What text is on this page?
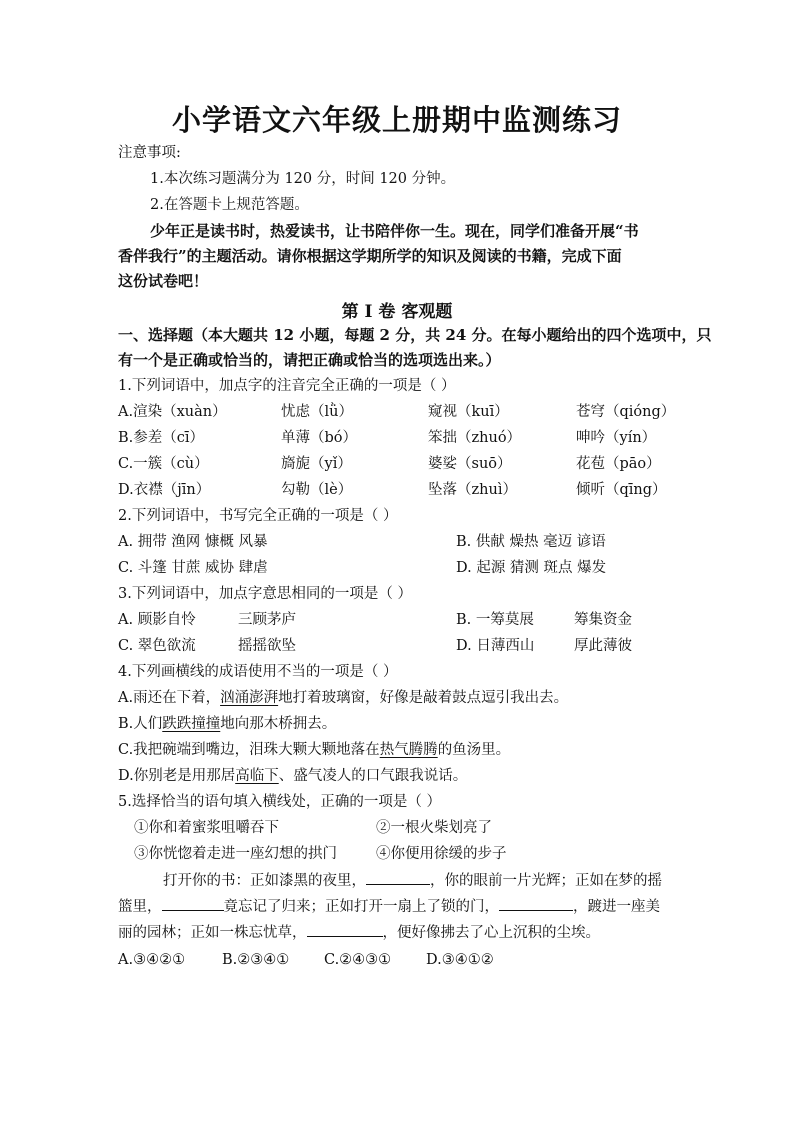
小学语文六年级上册期中监测练习
注意事项:
1.本次练习题满分为 120 分，时间 120 分钟。
2.在答题卡上规范答题。
少年正是读书时，热爱读书，让书陪伴你一生。现在，同学们准备开展“书
香伴我行”的主题活动。请你根据这学期所学的知识及阅读的书籍，完成下面
这份试卷吧！
第 I 卷 客观题
一、选择题（本大题共 12 小题，每题 2 分，共 24 分。在每小题给出的四个选项中，只
有一个是正确或恰当的，请把正确或恰当的选项选出来。）
1.下列词语中，加点字的注音完全正确的一项是（ ）
A.渲染（xuàn）	忧虑（lǜ）	窥视（kuī）	苍穹（qióng）
B.参差（cī）	单薄（bó）	笨拙（zhuó）	呻吟（yín）
C.一簇（cù）	旖旎（yǐ）	婆娑（suō）	花苞（pāo）
D.衣襟（jīn）	勾勒（lè）	坠落（zhuì）	倾听（qīng）
2.下列词语中，书写完全正确的一项是（ ）
A. 拥带 渔网 慷概 风暴	B. 供献 燥热 毫迈 谚语
C. 斗篷 甘蔗 威协 肆虐	D. 起源 猜测 斑点 爆发
3.下列词语中，加点字意思相同的一项是（ ）
A. 顾影自怜	三顾茅庐	B. 一筹莫展	筹集资金
C. 翠色欲流	摇摇欲坠	D. 日薄西山	厚此薄彼
4.下列画横线的成语使用不当的一项是（ ）
A.雨还在下着，汹涌澎湃地打着玻璃窗，好像是敲着鼓点逗引我出去。
B.人们跌跌撞撞地向那木桥拥去。
C.我把碗端到嘴边，泪珠大颗大颗地落在热气腾腾的鱼汤里。
D.你别老是用那居高临下、盛气凌人的口气跟我说话。
5.选择恰当的语句填入横线处，正确的一项是（ ）
①你和着蜜浆咀嚼吞下	②一根火柴划亮了
③你恍惚着走进一座幻想的拱门	④你便用徐缓的步子
打开你的书：正如漆黑的夜里，	，你的眼前一片光辉；正如在梦的摇
篮里，	竟忘记了归来；正如打开一扇上了锁的门，	，踱进一座美
丽的园林；正如一株忘忧草，	，便好像拂去了心上沉积的尘埃。
A.③④②①	B.②③④① C.②④③① D.③④①②
